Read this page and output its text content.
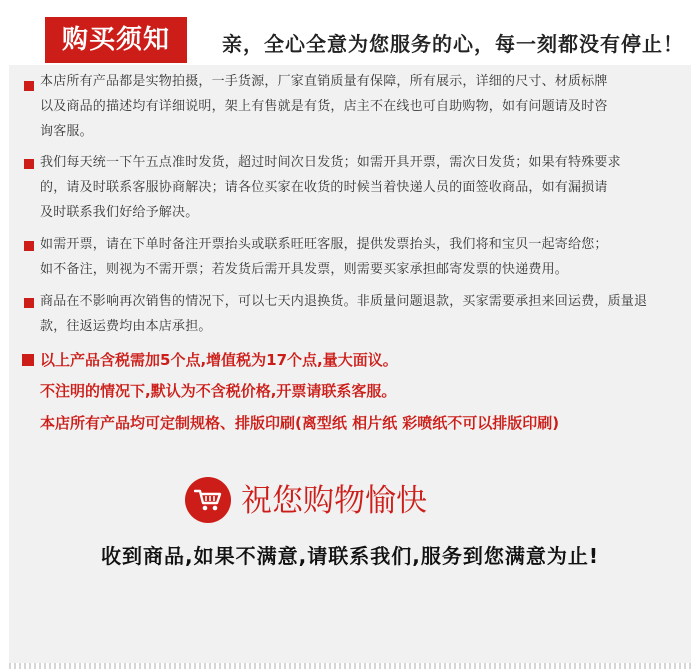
购买须知	亲，全心全意为您服务的心，每一刻都没有停止！

本店所有产品都是实物拍摄，一手货源，厂家直销质量有保障，所有展示，详细的尺寸、材质标牌

以及商品的描述均有详细说明，架上有售就是有货，店主不在线也可自助购物，如有问题请及时咨

询客服。

我们每天统一下午五点准时发货，超过时间次日发货；如需开具开票，需次日发货；如果有特殊要求

的，请及时联系客服协商解决；请各位买家在收货的时候当着快递人员的面签收商品，如有漏损请

及时联系我们好给予解决。

如需开票，请在下单时备注开票抬头或联系旺旺客服，提供发票抬头，我们将和宝贝一起寄给您；

如不备注，则视为不需开票；若发货后需开具发票，则需要买家承担邮寄发票的快递费用。

商品在不影响再次销售的情况下，可以七天内退换货。非质量问题退款，买家需要承担来回运费，质量退

款，往返运费均由本店承担。

以上产品含税需加5个点,增值税为17个点,量大面议。
不注明的情况下,默认为不含税价格,开票请联系客服。
本店所有产品均可定制规格、排版印刷(离型纸 相片纸 彩喷纸不可以排版印刷)
祝您购物愉快
收到商品,如果不满意,请联系我们,服务到您满意为止!
